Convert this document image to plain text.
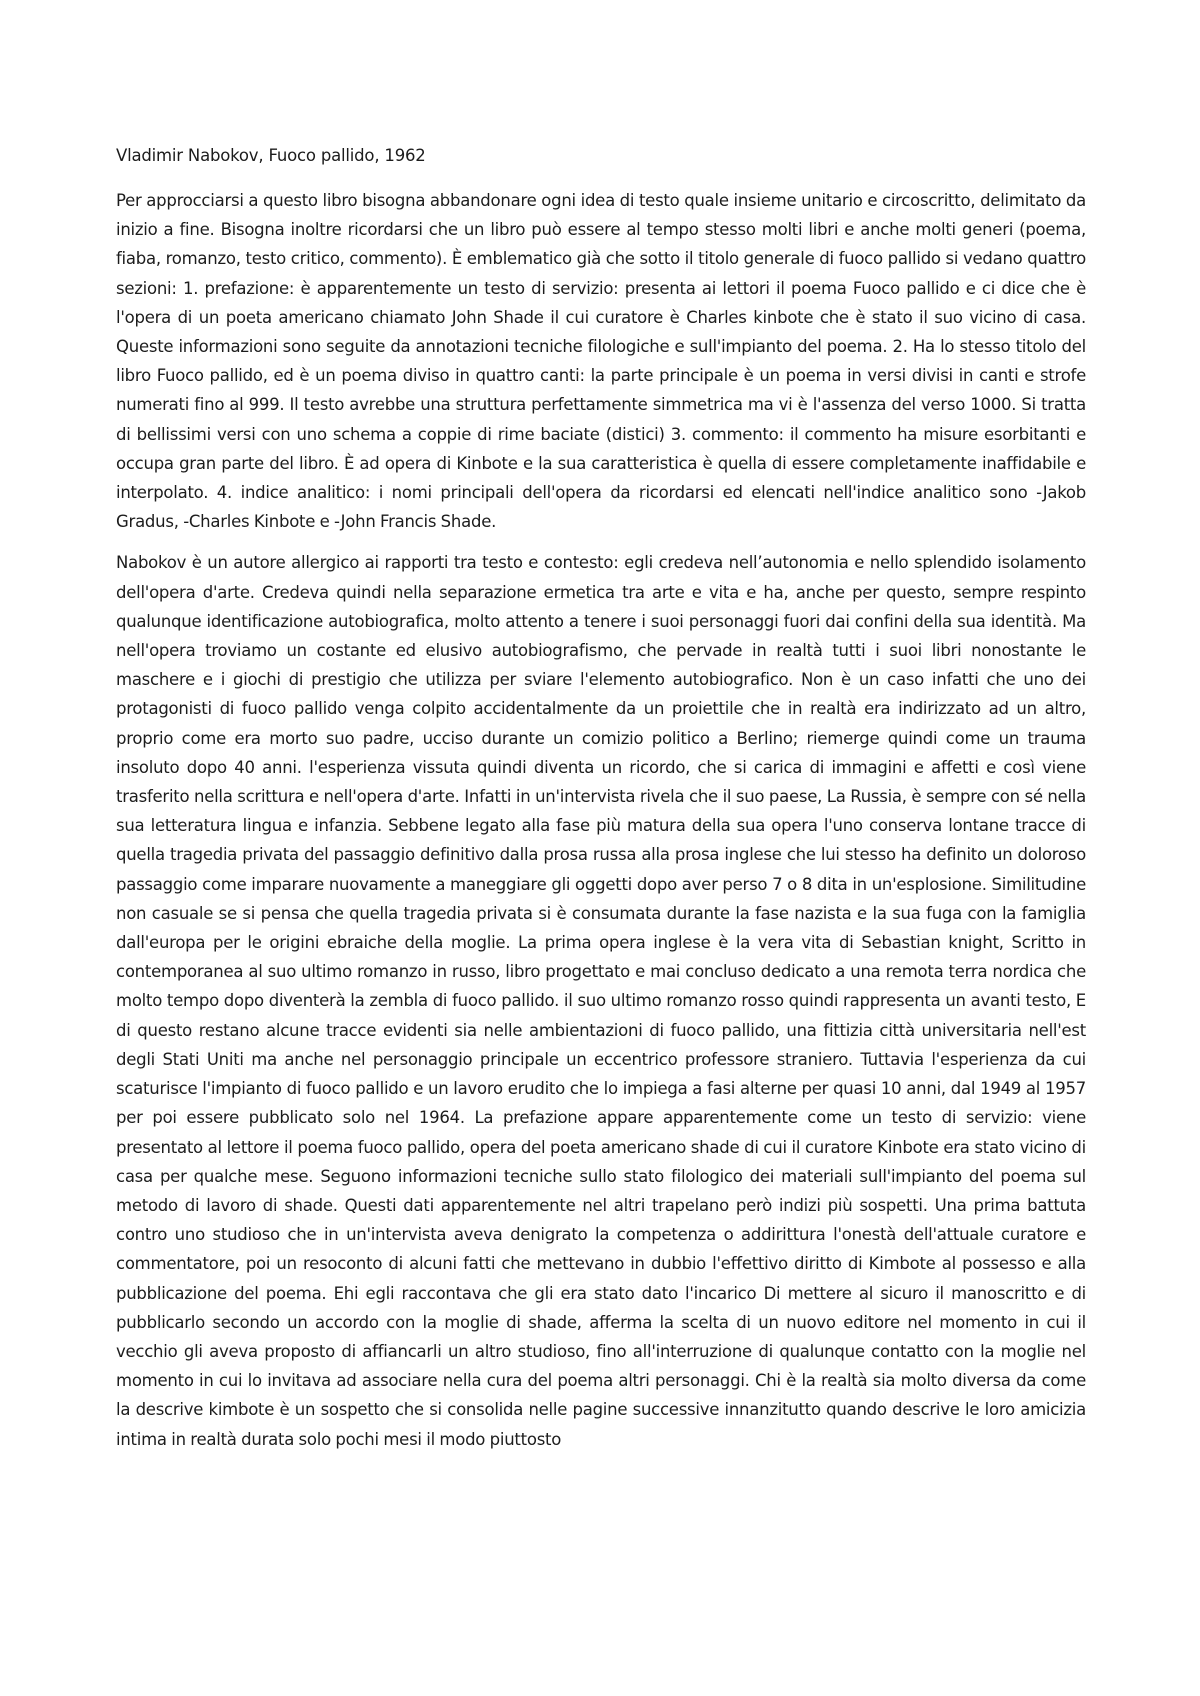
Vladimir Nabokov, Fuoco pallido, 1962

Per approcciarsi a questo libro bisogna abbandonare ogni idea di testo quale insieme unitario e circoscritto, delimitato da inizio a fine. Bisogna inoltre ricordarsi che un libro può essere al tempo stesso molti libri e anche molti generi (poema, fiaba, romanzo, testo critico, commento). È emblematico già che sotto il titolo generale di fuoco pallido si vedano quattro sezioni: 1. prefazione: è apparentemente un testo di servizio: presenta ai lettori il poema Fuoco pallido e ci dice che è l'opera di un poeta americano chiamato John Shade il cui curatore è Charles kinbote che è stato il suo vicino di casa. Queste informazioni sono seguite da annotazioni tecniche filologiche e sull'impianto del poema. 2. Ha lo stesso titolo del libro Fuoco pallido, ed è un poema diviso in quattro canti: la parte principale è un poema in versi divisi in canti e strofe numerati fino al 999. Il testo avrebbe una struttura perfettamente simmetrica ma vi è l'assenza del verso 1000. Si tratta di bellissimi versi con uno schema a coppie di rime baciate (distici) 3. commento: il commento ha misure esorbitanti e occupa gran parte del libro. È ad opera di Kinbote e la sua caratteristica è quella di essere completamente inaffidabile e interpolato. 4. indice analitico: i nomi principali dell'opera da ricordarsi ed elencati nell'indice analitico sono -Jakob Gradus, -Charles Kinbote e -John Francis Shade.

Nabokov è un autore allergico ai rapporti tra testo e contesto: egli credeva nell’autonomia e nello splendido isolamento dell'opera d'arte. Credeva quindi nella separazione ermetica tra arte e vita e ha, anche per questo, sempre respinto qualunque identificazione autobiografica, molto attento a tenere i suoi personaggi fuori dai confini della sua identità. Ma nell'opera troviamo un costante ed elusivo autobiografismo, che pervade in realtà tutti i suoi libri nonostante le maschere e i giochi di prestigio che utilizza per sviare l'elemento autobiografico. Non è un caso infatti che uno dei protagonisti di fuoco pallido venga colpito accidentalmente da un proiettile che in realtà era indirizzato ad un altro, proprio come era morto suo padre, ucciso durante un comizio politico a Berlino; riemerge quindi come un trauma insoluto dopo 40 anni. l'esperienza vissuta quindi diventa un ricordo, che si carica di immagini e affetti e così viene trasferito nella scrittura e nell'opera d'arte. Infatti in un'intervista rivela che il suo paese, La Russia, è sempre con sé nella sua letteratura lingua e infanzia. Sebbene legato alla fase più matura della sua opera l'uno conserva lontane tracce di quella tragedia privata del passaggio definitivo dalla prosa russa alla prosa inglese che lui stesso ha definito un doloroso passaggio come imparare nuovamente a maneggiare gli oggetti dopo aver perso 7 o 8 dita in un'esplosione. Similitudine non casuale se si pensa che quella tragedia privata si è consumata durante la fase nazista e la sua fuga con la famiglia dall'europa per le origini ebraiche della moglie. La prima opera inglese è la vera vita di Sebastian knight, Scritto in contemporanea al suo ultimo romanzo in russo, libro progettato e mai concluso dedicato a una remota terra nordica che molto tempo dopo diventerà la zembla di fuoco pallido. il suo ultimo romanzo rosso quindi rappresenta un avanti testo, E di questo restano alcune tracce evidenti sia nelle ambientazioni di fuoco pallido, una fittizia città universitaria nell'est degli Stati Uniti ma anche nel personaggio principale un eccentrico professore straniero. Tuttavia l'esperienza da cui scaturisce l'impianto di fuoco pallido e un lavoro erudito che lo impiega a fasi alterne per quasi 10 anni, dal 1949 al 1957 per poi essere pubblicato solo nel 1964. La prefazione appare apparentemente come un testo di servizio: viene presentato al lettore il poema fuoco pallido, opera del poeta americano shade di cui il curatore Kinbote era stato vicino di casa per qualche mese. Seguono informazioni tecniche sullo stato filologico dei materiali sull'impianto del poema sul metodo di lavoro di shade. Questi dati apparentemente nel altri trapelano però indizi più sospetti. Una prima battuta contro uno studioso che in un'intervista aveva denigrato la competenza o addirittura l'onestà dell'attuale curatore e commentatore, poi un resoconto di alcuni fatti che mettevano in dubbio l'effettivo diritto di Kimbote al possesso e alla pubblicazione del poema. Ehi egli raccontava che gli era stato dato l'incarico Di mettere al sicuro il manoscritto e di pubblicarlo secondo un accordo con la moglie di shade, afferma la scelta di un nuovo editore nel momento in cui il vecchio gli aveva proposto di affiancarli un altro studioso, fino all'interruzione di qualunque contatto con la moglie nel momento in cui lo invitava ad associare nella cura del poema altri personaggi. Chi è la realtà sia molto diversa da come la descrive kimbote è un sospetto che si consolida nelle pagine successive innanzitutto quando descrive le loro amicizia intima in realtà durata solo pochi mesi il modo piuttosto
